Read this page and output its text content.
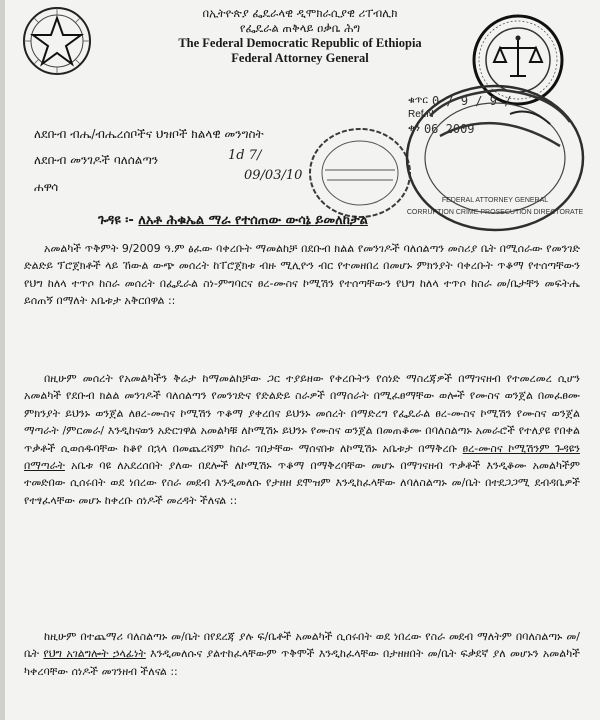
በኢትዮጵያ ፌዴራላዊ ዲሞክራሲያዊ ሪፐብሊክ
የፌዴራል ጠቅላይ ዐቃቤ ሕግ
The Federal Democratic Republic of Ethiopia
Federal Attorney General
ቁጥር 0 / 9 / 9 /
Ref.N
ቀን 06 2009
CORRUPTION CRIME PROSECUTION DIRECTORATE
FEDERAL ATTORNEY GENERAL
ለደቡብ ብሔ/ብሔረሰቦችና ህዝቦች ክልላዊ መንግስት
ለደቡብ መንገዶች ባለሰልጣን	1d 7/
09/03/10
ሐዋሳ
ጉዳዩ ፡- ለአቶ ሕቁኤል ማራ የተሰጠው ውሳኔ ይመለከታል

አመልካች ጥቅምት 9/2009 ዓ.ም ፅፈው ባቀረቡት ማመልከቻ በደቡብ ክልል የመንገዶች ባለሰልጣን መስሪያ ቤት በሚሰራው የመንገድ ድልድይ ፕሮጀክቶች ላይ ኸውል ውጭ መሰረት ከፐሮጀክቱ ብዙ ሚሊዮን ብር የተመዘበረ በመሆኑ ምክንያት ባቀረቡት ጥቆማ የተሰጣቸውን የህግ ከለላ ተጥሶ ከስራ መሰረት በፌዴራል ስነ-ምግባርና ፀረ-ሙስና ኮሚሽን የተሰጣቸውን የህግ ከለላ ተጥሶ ከስራ መ/ቤታቸን መፍትሔ ይሰጠኝ በማለት አቤቱታ አቅርበዋል ::

በዚሁም መሰረት የአመልካችን ቅሬታ ከማመልከቻው ጋር ተያይዘው የቀረቡትን የሰነድ ማስረጃዎች በማገናዘብ የተመረመረ ሲሆን አመልካች የደቡብ ክልል መንገዶች ባለሰልጣን የመንገድና የድልድይ ስራዎች በማሰራት በሚፈፀማቸው ወሎች የሙስና ወንጀል በመፈፀሙ ምክንያት ይህንኑ ወንጀል ለፀረ-ሙስና ኮሚሽን ጥቆማ ያቀረበና ይህንኑ መሰረት በማድረግ የፌዴራል ፀረ-ሙስና ኮሚሽን የሙስና ወንጀል ማጣራት /ምርመራ/ እንዲከናወን አድርገዋል አመልካቹ ለኮሚሽኑ ይህንኑ የሙስና ወንጀል በመጠቆሙ በባለስልጣኑ አመራሮች የተለያዩ የበቀል ጥቃቶች ሲወሰዱባቸው ከቆየ በኋላ በመጨረሻም ከስራ ገበታቸው ማሰናበቱ ለኮሚሽኑ አቤቱታ በማቅረቡ ፀረ-ሙስና ኮሚሽንም ጉዳዩን በማጣራት አቤቱ ባዩ ለአደረሰበት ያለው በደሎች ለኮሚሽኑ ጥቆማ በማቅረባቸው መሆኑ በማገናዘብ ጥቃቶች እንዲቆሙ አመልካችም ተመድበው ሲሰሩበት ወደ ነበረው የስራ መደብ እንዲመለሱ የታዘዘ ደሞዝም እንዲከፈላቸው ለባለስልጣኑ መ/ቤት በተደጋጋሚ ደብዳቤዎች የተፃፈላቸው መሆኑ ከቀረቡ ሰነዶች መረዳት ችለናል ::

ከዚሁም በተጨማሪ ባለስልጣኑ መ/ቤት በየደረጃ ያሉ ፍ/ቤቶች አመልካች ሲሰሩበት ወደ ነበረው የስራ መደብ ማለትም በባለስልጣኑ መ/ቤት የህግ አገልግሎት ኃላፊነት እንዲመለሱና ያልተከፈላቸውም ጥቅሞች እንዲከፈላቸው በታዘዘበት መ/ቤት ፍቃደኛ ያለ መሆኑን አመልካች ካቀረባቸው ሰነዶች መገንዘብ ችለናል ::
